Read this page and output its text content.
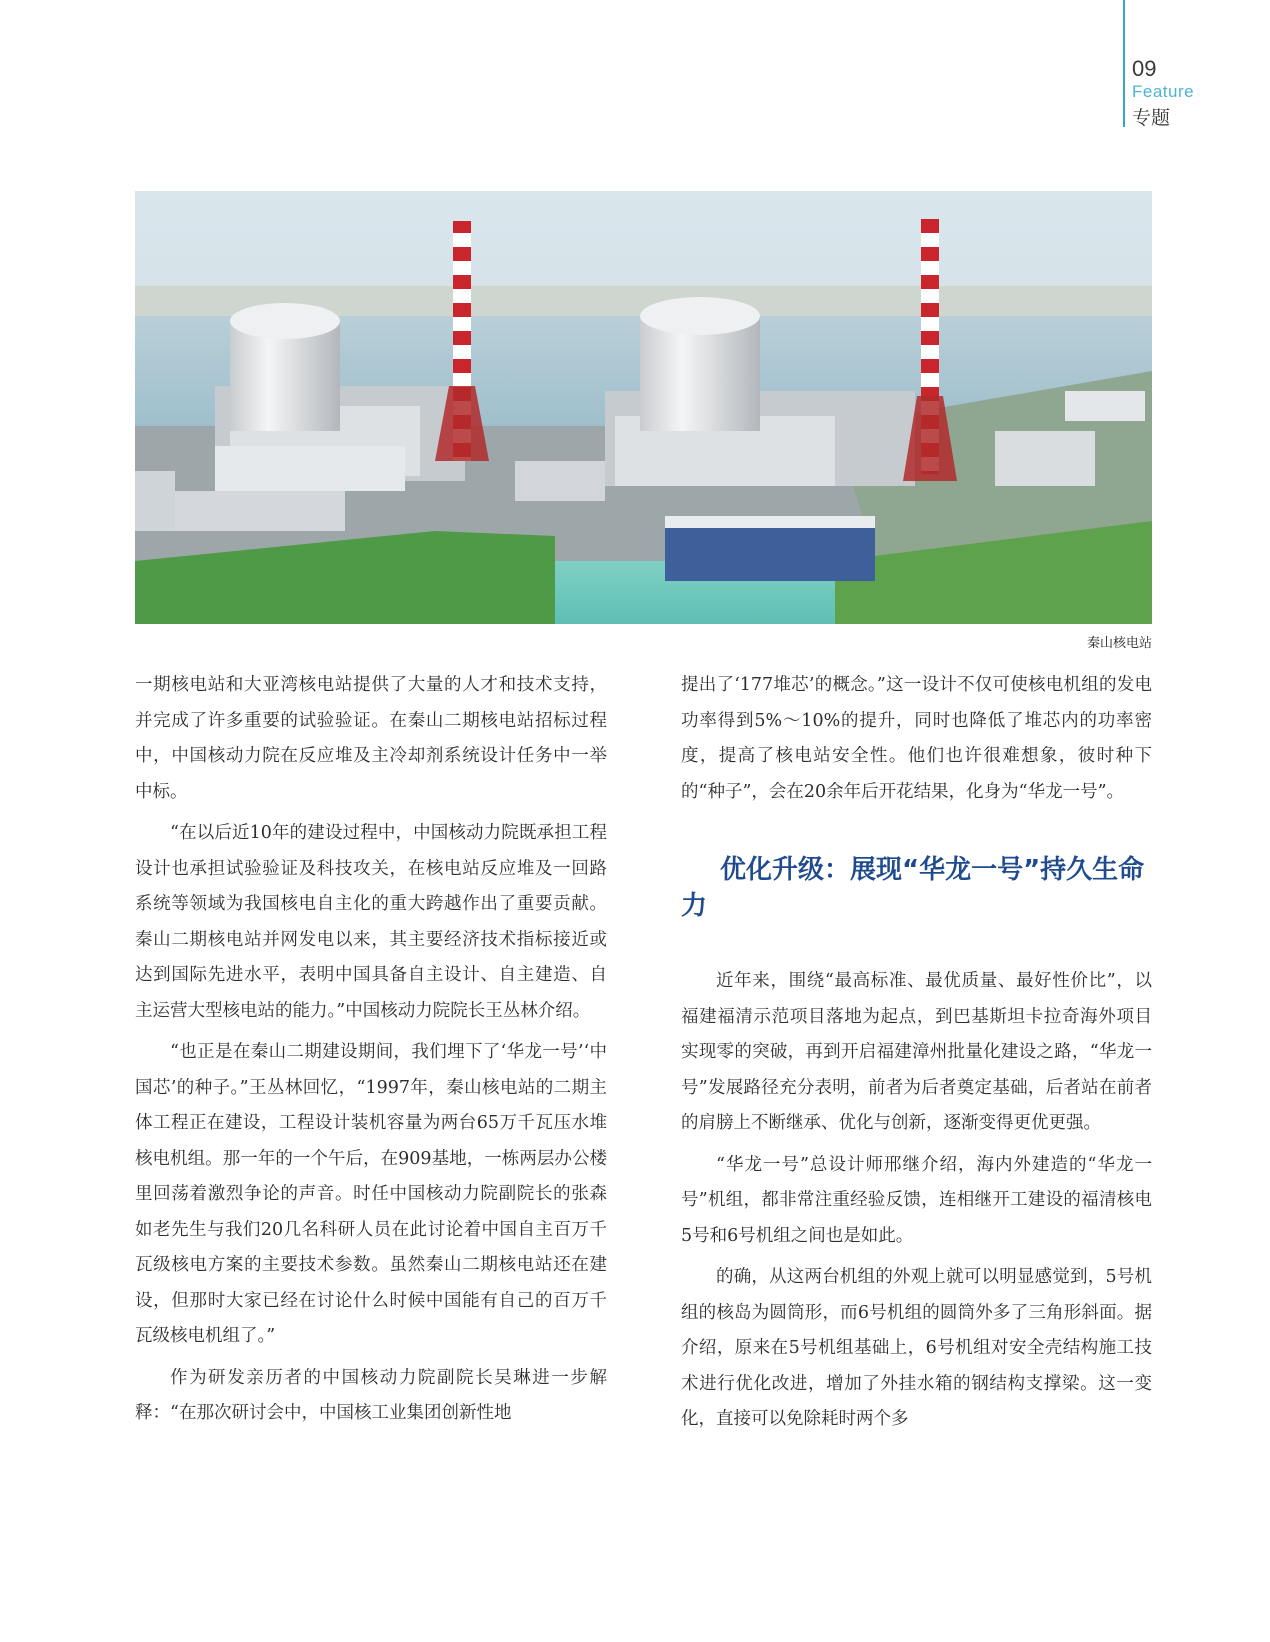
09
Feature
专题
秦山核电站

一期核电站和大亚湾核电站提供了大量的人才和技术支持，并完成了许多重要的试验验证。在秦山二期核电站招标过程中，中国核动力院在反应堆及主冷却剂系统设计任务中一举中标。

“在以后近10年的建设过程中，中国核动力院既承担工程设计也承担试验验证及科技攻关，在核电站反应堆及一回路系统等领域为我国核电自主化的重大跨越作出了重要贡献。秦山二期核电站并网发电以来，其主要经济技术指标接近或达到国际先进水平，表明中国具备自主设计、自主建造、自主运营大型核电站的能力。”中国核动力院院长王丛林介绍。

“也正是在秦山二期建设期间，我们埋下了‘华龙一号’‘中国芯’的种子。”王丛林回忆，“1997年，秦山核电站的二期主体工程正在建设，工程设计装机容量为两台65万千瓦压水堆核电机组。那一年的一个午后，在909基地，一栋两层办公楼里回荡着激烈争论的声音。时任中国核动力院副院长的张森如老先生与我们20几名科研人员在此讨论着中国自主百万千瓦级核电方案的主要技术参数。虽然秦山二期核电站还在建设，但那时大家已经在讨论什么时候中国能有自己的百万千瓦级核电机组了。”

作为研发亲历者的中国核动力院副院长吴琳进一步解释：“在那次研讨会中，中国核工业集团创新性地

提出了‘177堆芯’的概念。”这一设计不仅可使核电机组的发电功率得到5%～10%的提升，同时也降低了堆芯内的功率密度，提高了核电站安全性。他们也许很难想象，彼时种下的“种子”，会在20余年后开花结果，化身为“华龙一号”。

优化升级：展现“华龙一号”持久生命力

近年来，围绕“最高标准、最优质量、最好性价比”，以福建福清示范项目落地为起点，到巴基斯坦卡拉奇海外项目实现零的突破，再到开启福建漳州批量化建设之路，“华龙一号”发展路径充分表明，前者为后者奠定基础，后者站在前者的肩膀上不断继承、优化与创新，逐渐变得更优更强。

“华龙一号”总设计师邢继介绍，海内外建造的“华龙一号”机组，都非常注重经验反馈，连相继开工建设的福清核电5号和6号机组之间也是如此。

的确，从这两台机组的外观上就可以明显感觉到，5号机组的核岛为圆筒形，而6号机组的圆筒外多了三角形斜面。据介绍，原来在5号机组基础上，6号机组对安全壳结构施工技术进行优化改进，增加了外挂水箱的钢结构支撑梁。这一变化，直接可以免除耗时两个多
